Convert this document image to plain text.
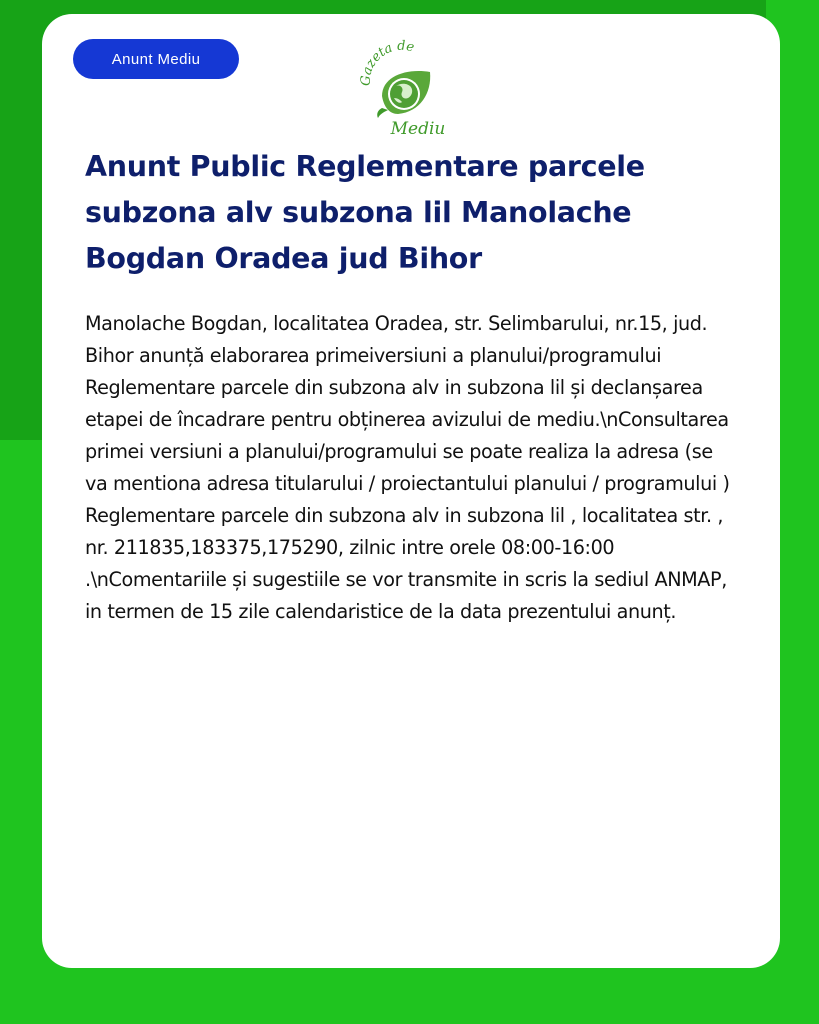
Anunt Mediu
Gazeta de
Mediu
Anunt Public Reglementare parcele subzona alv subzona lil Manolache Bogdan Oradea jud Bihor

Manolache Bogdan, localitatea Oradea, str. Selimbarului, nr.15, jud. Bihor anunță elaborarea primeiversiuni a planului/programului Reglementare parcele din subzona alv in subzona lil și declanșarea etapei de încadrare pentru obținerea avizului de mediu.\nConsultarea primei versiuni a planului/programului se poate realiza la adresa (se va mentiona adresa titularului / proiectantului planului / programului ) Reglementare parcele din subzona alv in subzona lil , localitatea str. , nr. 211835,183375,175290, zilnic intre orele 08:00-16:00 .\nComentariile și sugestiile se vor transmite in scris la sediul ANMAP, in termen de 15 zile calendaristice de la data prezentului anunț.
